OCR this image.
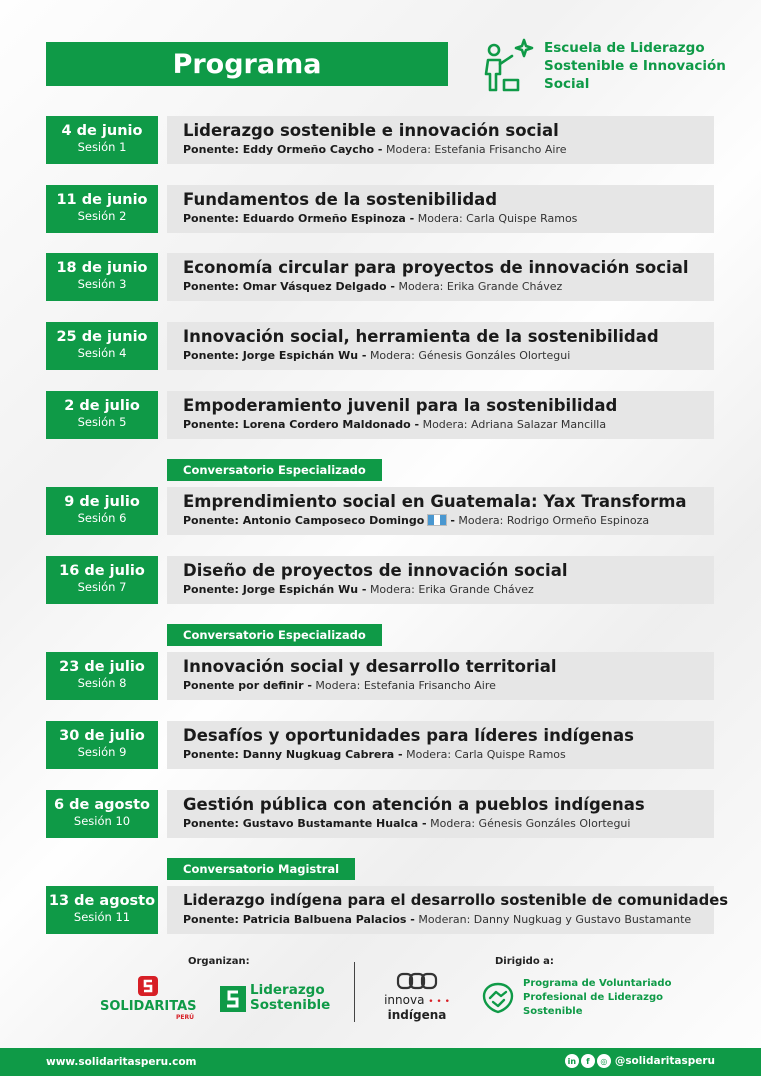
Programa
Escuela de Liderazgo
Sostenible e Innovación
Social
4 de junio
Sesión 1
Liderazgo sostenible e innovación social
Ponente: Eddy Ormeño Caycho - Modera: Estefania Frisancho Aire
11 de junio
Sesión 2
Fundamentos de la sostenibilidad
Ponente: Eduardo Ormeño Espinoza - Modera: Carla Quispe Ramos
18 de junio
Sesión 3
Economía circular para proyectos de innovación social
Ponente: Omar Vásquez Delgado - Modera: Erika Grande Chávez
25 de junio
Sesión 4
Innovación social, herramienta de la sostenibilidad
Ponente: Jorge Espichán Wu - Modera: Génesis Gonzáles Olortegui
2 de julio
Sesión 5
Empoderamiento juvenil para la sostenibilidad
Ponente: Lorena Cordero Maldonado - Modera: Adriana Salazar Mancilla
Conversatorio Especializado
9 de julio
Sesión 6
Emprendimiento social en Guatemala: Yax Transforma
Ponente: Antonio Camposeco Domingo - Modera: Rodrigo Ormeño Espinoza
16 de julio
Sesión 7
Diseño de proyectos de innovación social
Ponente: Jorge Espichán Wu - Modera: Erika Grande Chávez
Conversatorio Especializado
23 de julio
Sesión 8
Innovación social y desarrollo territorial
Ponente por definir - Modera: Estefania Frisancho Aire
30 de julio
Sesión 9
Desafíos y oportunidades para líderes indígenas
Ponente: Danny Nugkuag Cabrera - Modera: Carla Quispe Ramos
6 de agosto
Sesión 10
Gestión pública con atención a pueblos indígenas
Ponente: Gustavo Bustamante Hualca - Modera: Génesis Gonzáles Olortegui
Conversatorio Magistral
13 de agosto
Sesión 11
Liderazgo indígena para el desarrollo sostenible de comunidades
Ponente: Patricia Balbuena Palacios - Moderan: Danny Nugkuag y Gustavo Bustamante
Organizan:	Dirigido a:
SOLIDARITAS
PERÚ
Liderazgo
Sostenible	innova • • •
indígena
Programa de Voluntariado
Profesional de Liderazgo
Sostenible
www.solidaritasperu.com	in	f	◎ @solidaritasperu
